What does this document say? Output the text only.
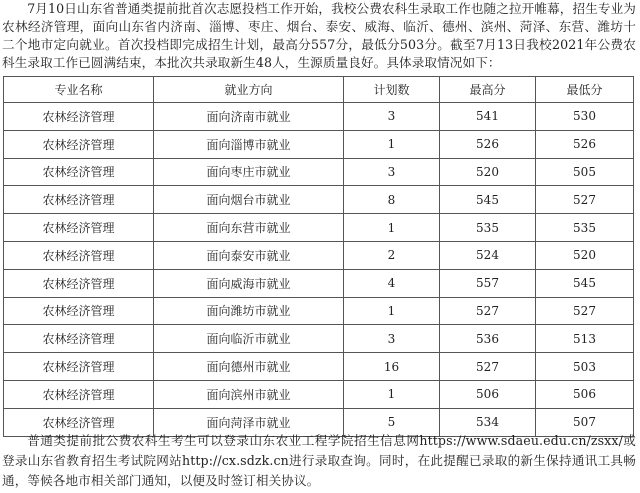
7月10日山东省普通类提前批首次志愿投档工作开始，我校公费农科生录取工作也随之拉开帷幕，招生专业为农林经济管理，面向山东省内济南、淄博、枣庄、烟台、泰安、威海、临沂、德州、滨州、菏泽、东营、潍坊十二个地市定向就业。首次投档即完成招生计划，最高分557分，最低分503分。截至7月13日我校2021年公费农科生录取工作已圆满结束，本批次共录取新生48人，生源质量良好。具体录取情况如下：

专业名称	就业方向	计划数	最高分	最低分
农林经济管理	面向济南市就业	3	541	530
农林经济管理	面向淄博市就业	1	526	526
农林经济管理	面向枣庄市就业	3	520	505
农林经济管理	面向烟台市就业	8	545	527
农林经济管理	面向东营市就业	1	535	535
农林经济管理	面向泰安市就业	2	524	520
农林经济管理	面向威海市就业	4	557	545
农林经济管理	面向潍坊市就业	1	527	527
农林经济管理	面向临沂市就业	3	536	513
农林经济管理	面向德州市就业	16	527	503
农林经济管理	面向滨州市就业	1	506	506
农林经济管理	面向菏泽市就业	5	534	507

普通类提前批公费农科生考生可以登录山东农业工程学院招生信息网https://www.sdaeu.edu.cn/zsxx/或登录山东省教育招生考试院网站http://cx.sdzk.cn进行录取查询。同时，在此提醒已录取的新生保持通讯工具畅通，等候各地市相关部门通知，以便及时签订相关协议。
